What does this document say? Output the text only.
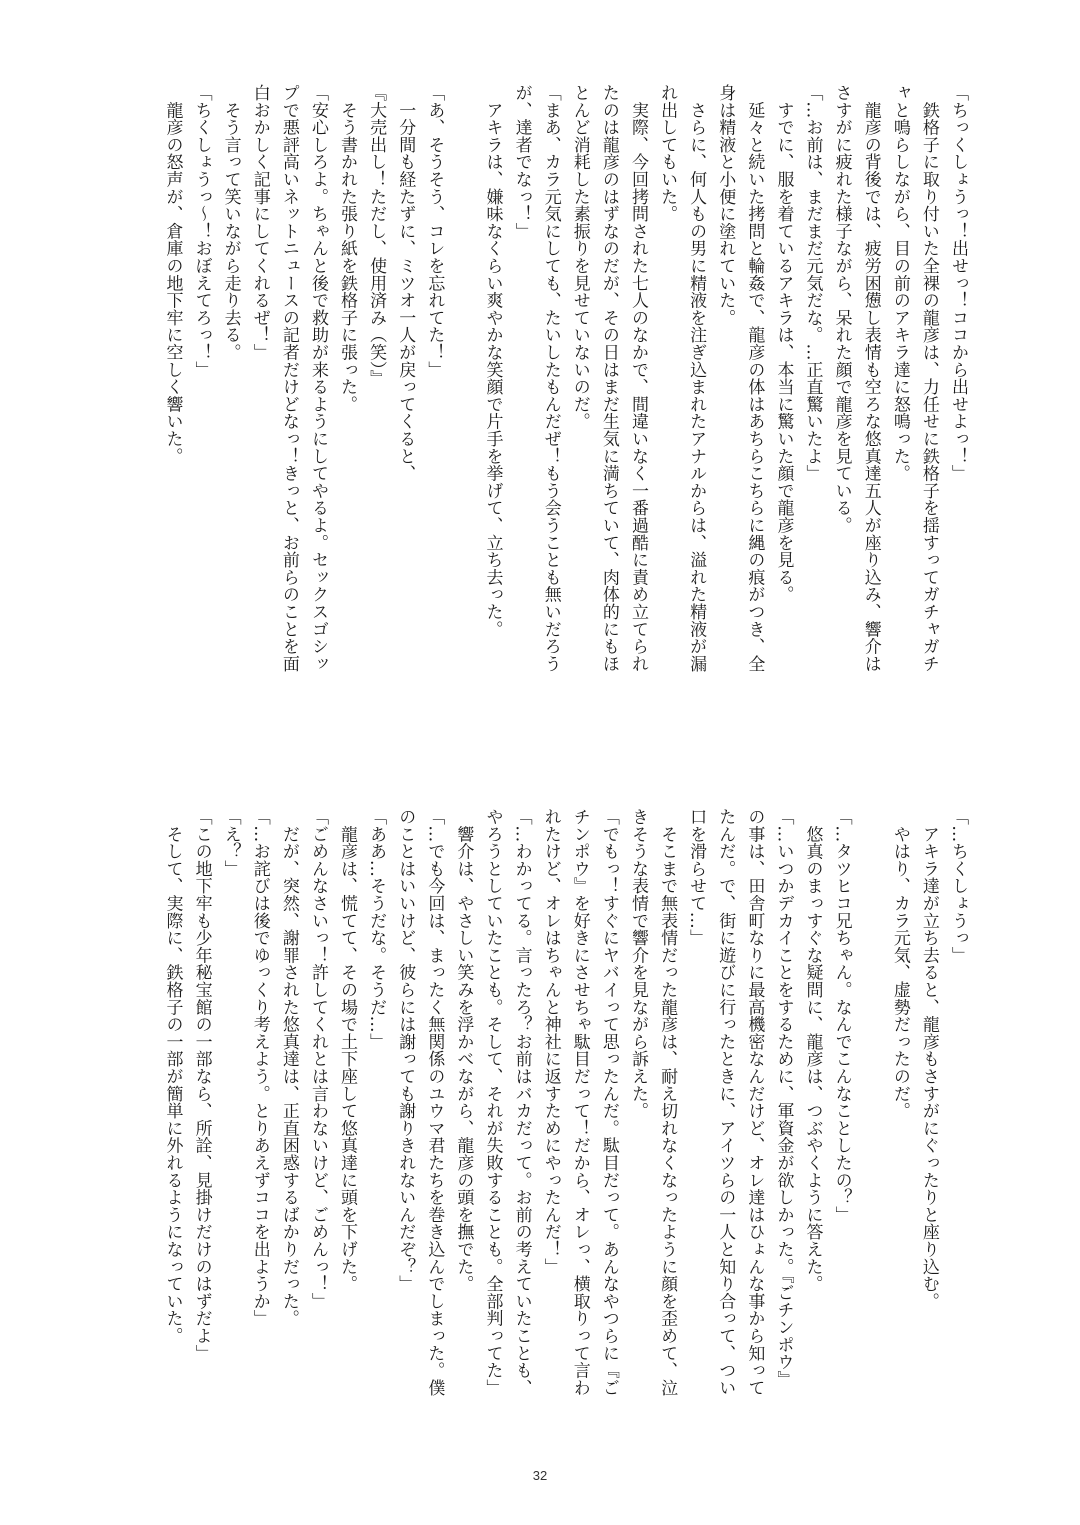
「ちっくしょうっ！出せっ！ココから出せよっ！」
　鉄格子に取り付いた全裸の龍彦は、力任せに鉄格子を揺すってガチャガチ
ャと鳴らしながら、目の前のアキラ達に怒鳴った。
　龍彦の背後では、疲労困憊し表情も空ろな悠真達五人が座り込み、響介は
さすがに疲れた様子ながら、呆れた顔で龍彦を見ている。
「…お前は、まだまだ元気だな。…正直驚いたよ」
　すでに、服を着ているアキラは、本当に驚いた顔で龍彦を見る。
　延々と続いた拷問と輪姦で、龍彦の体はあちらこちらに縄の痕がつき、全
身は精液と小便に塗れていた。
　さらに、何人もの男に精液を注ぎ込まれたアナルからは、溢れた精液が漏
れ出してもいた。
　実際、今回拷問された七人のなかで、間違いなく一番過酷に責め立てられ
たのは龍彦のはずなのだが、その日はまだ生気に満ちていて、肉体的にもほ
とんど消耗した素振りを見せていないのだ。
「まあ、カラ元気にしても、たいしたもんだぜ！もう会うことも無いだろう
が、達者でなっ！」
　アキラは、嫌味なくらい爽やかな笑顔で片手を挙げて、立ち去った。
「あ、そうそう、コレを忘れてた！」
　一分間も経たずに、ミツオ一人が戻ってくると、
『大売出し！ただし、使用済み（笑）』
　そう書かれた張り紙を鉄格子に張った。
「安心しろよ。ちゃんと後で救助が来るようにしてやるよ。セックスゴシッ
プで悪評高いネットニュースの記者だけどなっ！きっと、お前らのことを面
白おかしく記事にしてくれるぜ！」
　そう言って笑いながら走り去る。
「ちくしょうっ〜！おぼえてろっ！」
　龍彦の怒声が、倉庫の地下牢に空しく響いた。
「…ちくしょうっ」
　アキラ達が立ち去ると、龍彦もさすがにぐったりと座り込む。
　やはり、カラ元気、虚勢だったのだ。
「…タツヒコ兄ちゃん。なんでこんなことしたの？」
　悠真のまっすぐな疑問に、龍彦は、つぶやくように答えた。
「…いつかデカイことをするために、軍資金が欲しかった。『ごチンポウ』
の事は、田舎町なりに最高機密なんだけど、オレ達はひょんな事から知って
たんだ。で、街に遊びに行ったときに、アイツらの一人と知り合って、つい
口を滑らせて…」
　そこまで無表情だった龍彦は、耐え切れなくなったように顔を歪めて、泣
きそうな表情で響介を見ながら訴えた。
「でもっ！すぐにヤバイって思ったんだ。駄目だって。あんなやつらに『ご
チンポウ』を好きにさせちゃ駄目だって！だから、オレっ、横取りって言わ
れたけど、オレはちゃんと神社に返すためにやったんだ！」
「…わかってる。言ったろ？お前はバカだって。お前の考えていたことも、
やろうとしていたことも。そして、それが失敗することも。全部判ってた」
　響介は、やさしい笑みを浮かべながら、龍彦の頭を撫でた。
「…でも今回は、まったく無関係のユウマ君たちを巻き込んでしまった。僕
のことはいいけど、彼らには謝っても謝りきれないんだぞ？」
「ああ…そうだな。そうだ…」
　龍彦は、慌てて、その場で土下座して悠真達に頭を下げた。
「ごめんなさいっ！許してくれとは言わないけど、ごめんっ！」
　だが、突然、謝罪された悠真達は、正直困惑するばかりだった。
「…お詫びは後でゆっくり考えよう。とりあえずココを出ようか」
「え？」
「この地下牢も少年秘宝館の一部なら、所詮、見掛けだけのはずだよ」
　そして、実際に、鉄格子の一部が簡単に外れるようになっていた。
32
